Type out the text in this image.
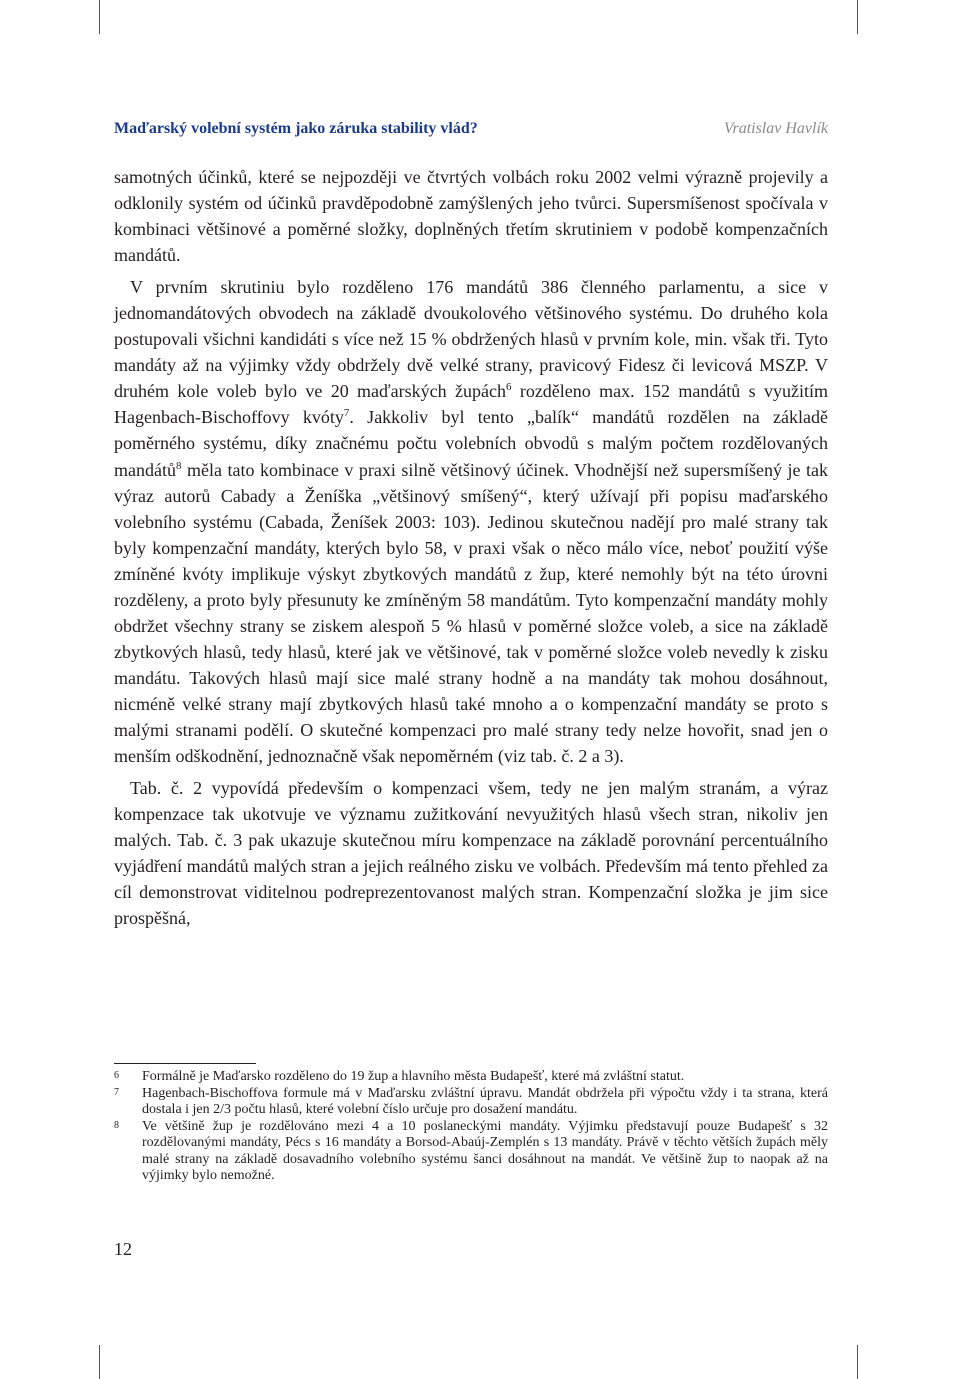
Maďarský volební systém jako záruka stability vlád?	Vratislav Havlík

samotných účinků, které se nejpozději ve čtvrtých volbách roku 2002 velmi výrazně projevily a odklonily systém od účinků pravděpodobně zamýšlených jeho tvůrci. Supersmíšenost spočívala v kombinaci většinové a poměrné složky, doplněných třetím skrutiniem v podobě kompenzačních mandátů.

V prvním skrutiniu bylo rozděleno 176 mandátů 386 členného parlamentu, a sice v jednomandátových obvodech na základě dvoukolového většinového systému. Do druhého kola postupovali všichni kandidáti s více než 15 % obdržených hlasů v prvním kole, min. však tři. Tyto mandáty až na výjimky vždy obdržely dvě velké strany, pravicový Fidesz či levicová MSZP. V druhém kole voleb bylo ve 20 maďarských župách$^6$ rozděleno max. 152 mandátů s využitím Hagenbach-Bischoffovy kvóty$^7$. Jakkoliv byl tento „balík“ mandátů rozdělen na základě poměrného systému, díky značnému počtu volebních obvodů s malým počtem rozdělovaných mandátů$^8$ měla tato kombinace v praxi silně většinový účinek. Vhodnější než supersmíšený je tak výraz autorů Cabady a Ženíška „většinový smíšený“, který užívají při popisu maďarského volebního systému (Cabada, Ženíšek 2003: 103). Jedinou skutečnou nadějí pro malé strany tak byly kompenzační mandáty, kterých bylo 58, v praxi však o něco málo více, neboť použití výše zmíněné kvóty implikuje výskyt zbytkových mandátů z žup, které nemohly být na této úrovni rozděleny, a proto byly přesunuty ke zmíněným 58 mandátům. Tyto kompenzační mandáty mohly obdržet všechny strany se ziskem alespoň 5 % hlasů v poměrné složce voleb, a sice na základě zbytkových hlasů, tedy hlasů, které jak ve většinové, tak v poměrné složce voleb nevedly k zisku mandátu. Takových hlasů mají sice malé strany hodně a na mandáty tak mohou dosáhnout, nicméně velké strany mají zbytkových hlasů také mnoho a o kompenzační mandáty se proto s malými stranami podělí. O skutečné kompenzaci pro malé strany tedy nelze hovořit, snad jen o menším odškodnění, jednoznačně však nepoměrném (viz tab. č. 2 a 3).

Tab. č. 2 vypovídá především o kompenzaci všem, tedy ne jen malým stranám, a výraz kompenzace tak ukotvuje ve významu zužitkování nevyužitých hlasů všech stran, nikoliv jen malých. Tab. č. 3 pak ukazuje skutečnou míru kompenzace na základě porovnání percentuálního vyjádření mandátů malých stran a jejich reálného zisku ve volbách. Především má tento přehled za cíl demonstrovat viditelnou podreprezentovanost malých stran. Kompenzační složka je jim sice prospěšná,

6 Formálně je Maďarsko rozděleno do 19 žup a hlavního města Budapešť, které má zvláštní statut.

7 Hagenbach-Bischoffova formule má v Maďarsku zvláštní úpravu. Mandát obdržela při výpočtu vždy i ta strana, která dostala i jen 2/3 počtu hlasů, které volební číslo určuje pro dosažení mandátu.

8 Ve většině žup je rozdělováno mezi 4 a 10 poslaneckými mandáty. Výjimku představují pouze Budapešť s 32 rozdělovanými mandáty, Pécs s 16 mandáty a Borsod-Abaúj-Zemplén s 13 mandáty. Právě v těchto větších župách měly malé strany na základě dosavadního volebního systému šanci dosáhnout na mandát. Ve většině žup to naopak až na výjimky bylo nemožné.

12
